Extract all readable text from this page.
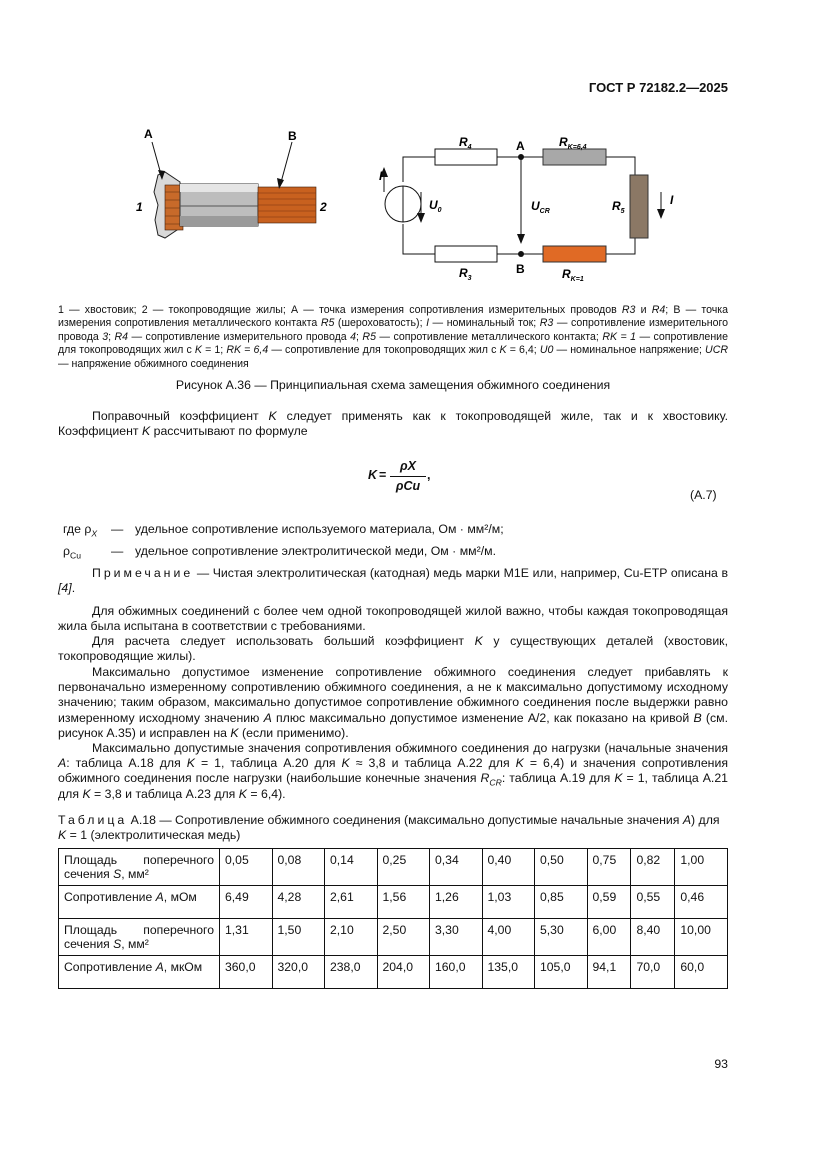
ГОСТ Р 72182.2—2025
А	В
1	2
$R_4$	$R_{K=6,4}$
$R_3$	$R_{K=1}$
$R_5$
$U_0$	$U_{CR}$
А
В
I
I
1 — хвостовик; 2 — токопроводящие жилы; А — точка измерения сопротивления измерительных проводов R3 и R4; В — точка измерения сопротивления металлического контакта R5 (шероховатость); I — номинальный ток; R3 — сопротивление измерительного провода 3; R4 — сопротивление измерительного провода 4; R5 — сопротивление металлического контакта; RK = 1 — сопротивление для токопроводящих жил с K = 1; RK = 6,4 — сопротивление для токопроводящих жил с K = 6,4; U0 — номинальное напряжение; UCR — напряжение обжимного соединения
Рисунок А.36 — Принципиальная схема замещения обжимного соединения
Поправочный коэффициент K следует применять как к токопроводящей жиле, так и к хвостовику. Коэффициент K рассчитывают по формуле
K =
ρX
ρCu
,
(А.7)
где $\rho_X$ — удельное сопротивление используемого материала, Ом · мм²/м;
$\rho_{Cu}$ — удельное сопротивление электролитической меди, Ом · мм²/м.
Примечание — Чистая электролитическая (катодная) медь марки M1E или, например, Cu-ETP описана в [4].
Для обжимных соединений с более чем одной токопроводящей жилой важно, чтобы каждая токопроводящая жила была испытана в соответствии с требованиями.
Для расчета следует использовать больший коэффициент K у существующих деталей (хвостовик, токопроводящие жилы).
Максимально допустимое изменение сопротивление обжимного соединения следует прибавлять к первоначально измеренному сопротивлению обжимного соединения, а не к максимально допустимому исходному значению; таким образом, максимально допустимое сопротивление обжимного соединения после выдержки равно измеренному исходному значению A плюс максимально допустимое изменение A/2, как показано на кривой B (см. рисунок А.35) и исправлен на K (если применимо).
Максимально допустимые значения сопротивления обжимного соединения до нагрузки (начальные значения A: таблица А.18 для K = 1, таблица А.20 для K ≈ 3,8 и таблица А.22 для K = 6,4) и значения сопротивления обжимного соединения после нагрузки (наибольшие конечные значения $R_{CR}$: таблица А.19 для K = 1, таблица А.21 для K = 3,8 и таблица А.23 для K = 6,4).
Таблица А.18 — Сопротивление обжимного соединения (максимально допустимые начальные значения A) для K = 1 (электролитическая медь)
Площадь поперечного сечения S, мм²	0,05	0,08	0,14	0,25	0,34	0,40	0,50	0,75	0,82	1,00
Сопротивление A, мОм	6,49	4,28	2,61	1,56	1,26	1,03	0,85	0,59	0,55	0,46
Площадь поперечного сечения S, мм²	1,31	1,50	2,10	2,50	3,30	4,00	5,30	6,00	8,40	10,00
Сопротивление A, мкОм	360,0	320,0	238,0	204,0	160,0	135,0	105,0	94,1	70,0	60,0
93
